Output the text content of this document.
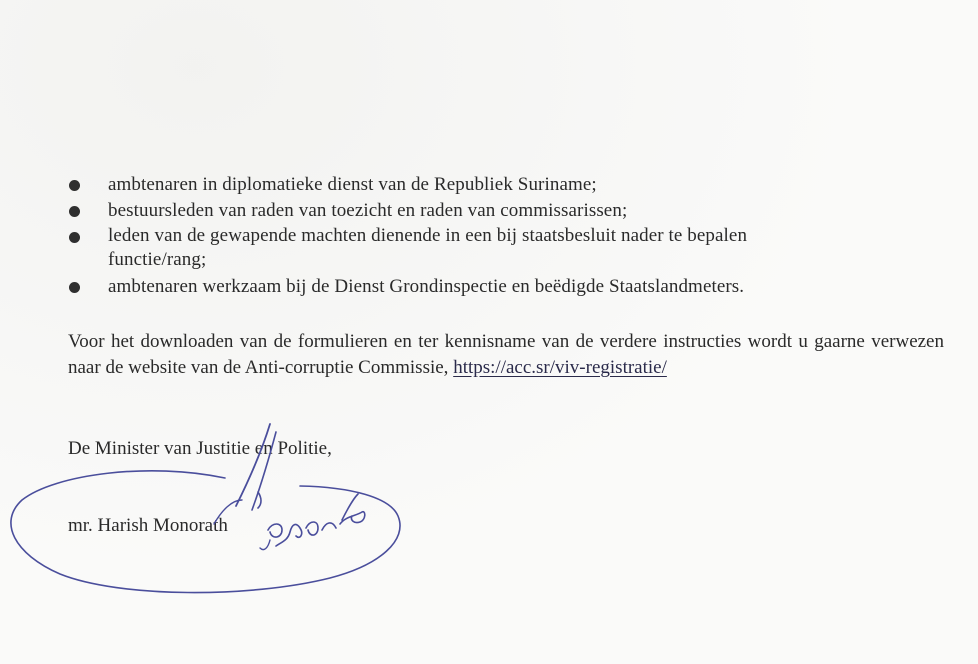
ambtenaren in diplomatieke dienst van de Republiek Suriname;
bestuursleden van raden van toezicht en raden van commissarissen;
leden van de gewapende machten dienende in een bij staatsbesluit nader te bepalen functie/rang;
ambtenaren werkzaam bij de Dienst Grondinspectie en beëdigde Staatslandmeters.

Voor het downloaden van de formulieren en ter kennisname van de verdere instructies wordt u gaarne verwezen naar de website van de Anti-corruptie Commissie, https://acc.sr/viv-registratie/

De Minister van Justitie en Politie,
mr. Harish Monorath
